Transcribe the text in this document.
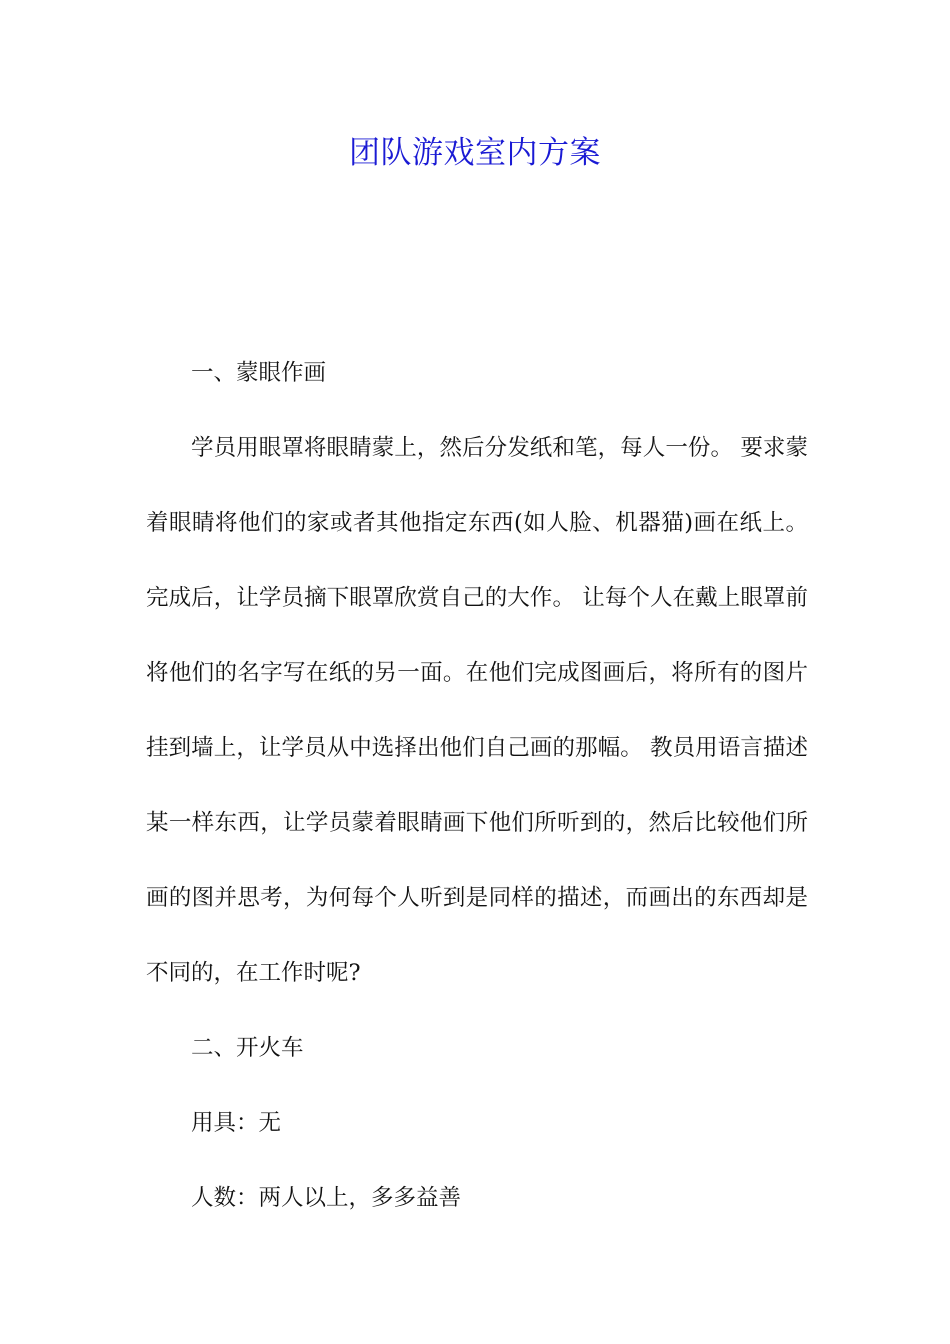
团队游戏室内方案

一、蒙眼作画

学员用眼罩将眼睛蒙上，然后分发纸和笔，每人一份。 要求蒙着眼睛将他们的家或者其他指定东西(如人脸、机器猫)画在纸上。完成后，让学员摘下眼罩欣赏自己的大作。 让每个人在戴上眼罩前将他们的名字写在纸的另一面。在他们完成图画后，将所有的图片挂到墙上，让学员从中选择出他们自己画的那幅。 教员用语言描述某一样东西，让学员蒙着眼睛画下他们所听到的，然后比较他们所画的图并思考，为何每个人听到是同样的描述，而画出的东西却是不同的，在工作时呢?

二、开火车

用具：无

人数：两人以上，多多益善
